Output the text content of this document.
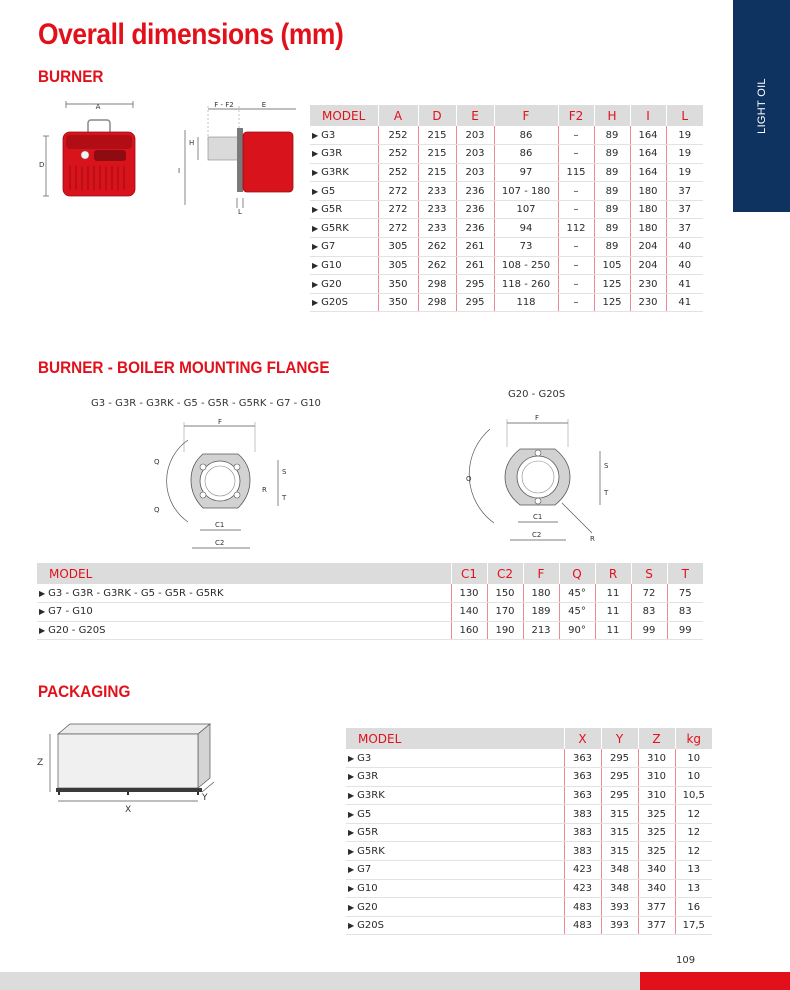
Overall dimensions (mm)
LIGHT OIL
BURNER
A
D
F - F2	E
H
I
L
MODEL	A	D	E	F	F2	H	I	L
▶ G3	252	215	203	86	–	89	164	19
▶ G3R	252	215	203	86	–	89	164	19
▶ G3RK	252	215	203	97	115	89	164	19
▶ G5	272	233	236	107 - 180	–	89	180	37
▶ G5R	272	233	236	107	–	89	180	37
▶ G5RK	272	233	236	94	112	89	180	37
▶ G7	305	262	261	73	–	89	204	40
▶ G10	305	262	261	108 - 250	–	105	204	40
▶ G20	350	298	295	118 - 260	–	125	230	41
▶ G20S	350	298	295	118	–	125	230	41
BURNER - BOILER MOUNTING FLANGE
G3 - G3R - G3RK - G5 - G5R - G5RK - G7 - G10
G20 - G20S
F
Q
Q
S
T
R
C1
C2
F
Q
S
T
R
C1
C2
MODEL	C1	C2	F	Q	R	S	T
▶ G3 - G3R - G3RK - G5 - G5R - G5RK	130	150	180	45°	11	72	75
▶ G7 - G10	140	170	189	45°	11	83	83
▶ G20 - G20S	160	190	213	90°	11	99	99
PACKAGING
Z
X
Y
MODEL	X	Y	Z	kg
▶ G3	363	295	310	10
▶ G3R	363	295	310	10
▶ G3RK	363	295	310	10,5
▶ G5	383	315	325	12
▶ G5R	383	315	325	12
▶ G5RK	383	315	325	12
▶ G7	423	348	340	13
▶ G10	423	348	340	13
▶ G20	483	393	377	16
▶ G20S	483	393	377	17,5
109
